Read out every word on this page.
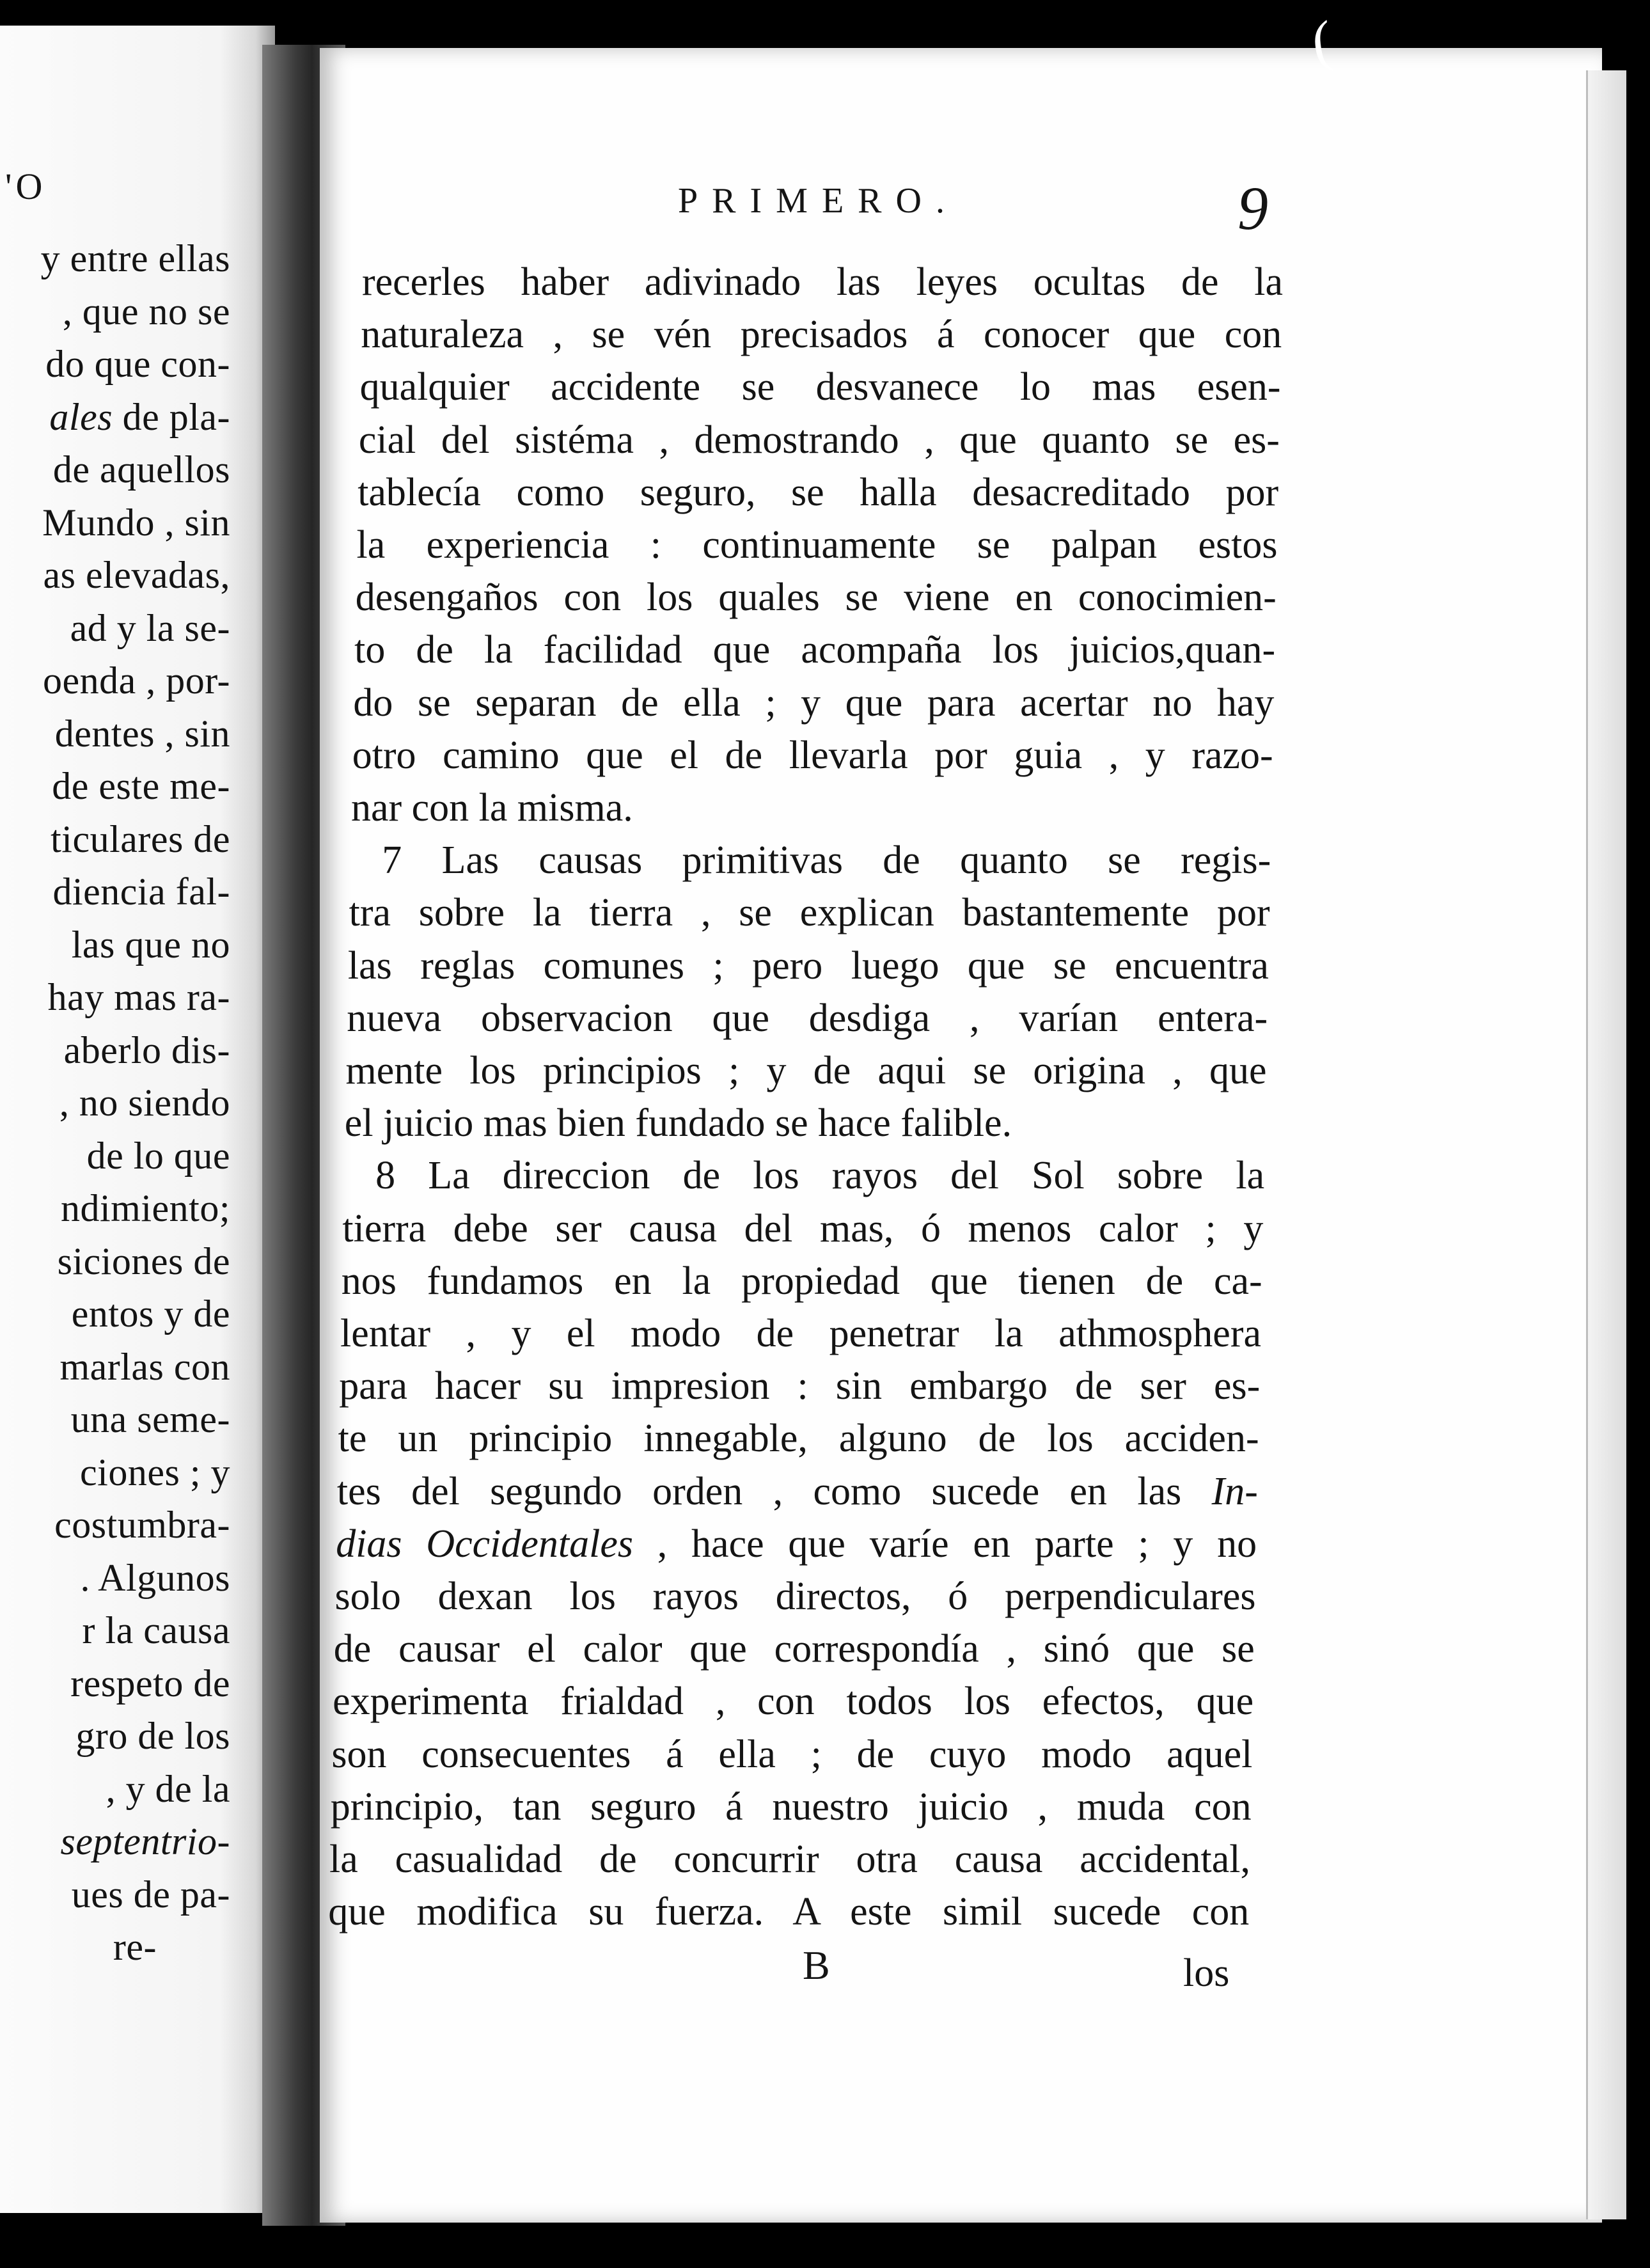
'O
y entre ellas
, que no se
do que con-
ales de pla-
de aquellos
Mundo , sin
as elevadas,
ad y la se-
oenda , por-
dentes , sin
de este me-
ticulares de
diencia fal-
las que no
hay mas ra-
aberlo dis-
, no siendo
de lo que
ndimiento;
siciones de
entos y de
marlas con
una seme-
ciones ; y
costumbra-
. Algunos
r la causa
respeto de
gro de los
, y de la
septentrio-
ues de pa-
re-
(
PRIMERO.	9
recerles haber adivinado las leyes ocultas de la
naturaleza , se vén precisados á conocer que con
qualquier accidente se desvanece lo mas esen-
cial del sistéma , demostrando , que quanto se es-
tablecía como seguro, se halla desacreditado por
la experiencia : continuamente se palpan estos
desengaños con los quales se viene en conocimien-
to de la facilidad que acompaña los juicios,quan-
do se separan de ella ; y que para acertar no hay
otro camino que el de llevarla por guia , y razo-
nar con la misma.
7 Las causas primitivas de quanto se regis-
tra sobre la tierra , se explican bastantemente por
las reglas comunes ; pero luego que se encuentra
nueva observacion que desdiga , varían entera-
mente los principios ; y de aqui se origina , que
el juicio mas bien fundado se hace falible.
8 La direccion de los rayos del Sol sobre la
tierra debe ser causa del mas, ó menos calor ; y
nos fundamos en la propiedad que tienen de ca-
lentar , y el modo de penetrar la athmosphera
para hacer su impresion : sin embargo de ser es-
te un principio innegable, alguno de los acciden-
tes del segundo orden , como sucede en las In-
dias Occidentales , hace que varíe en parte ; y no
solo dexan los rayos directos, ó perpendiculares
de causar el calor que correspondía , sinó que se
experimenta frialdad , con todos los efectos, que
son consecuentes á ella ; de cuyo modo aquel
principio, tan seguro á nuestro juicio , muda con
la casualidad de concurrir otra causa accidental,
que modifica su fuerza. A este simil sucede con
B	los
